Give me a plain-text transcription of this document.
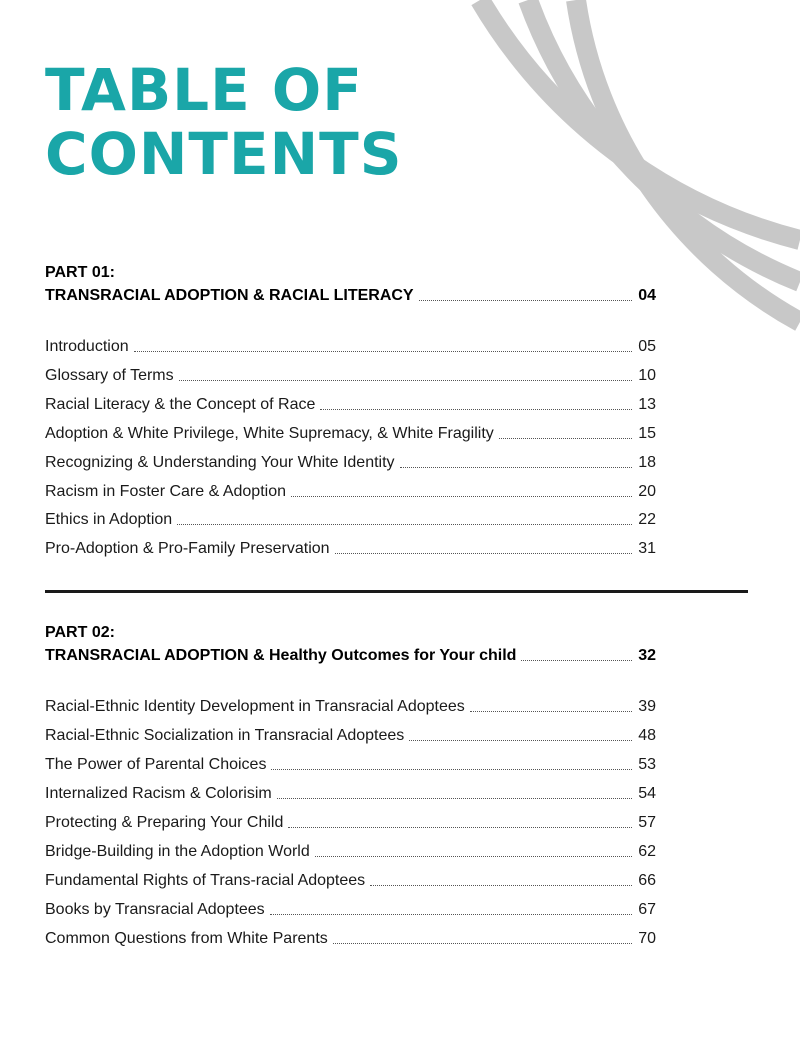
TABLE OF
CONTENTS
PART 01:
TRANSRACIAL ADOPTION & RACIAL LITERACY	04
Introduction	05
Glossary of Terms	10
Racial Literacy & the Concept of Race	13
Adoption & White Privilege, White Supremacy, & White Fragility	15
Recognizing & Understanding Your White Identity	18
Racism in Foster Care & Adoption	20
Ethics in Adoption	22
Pro-Adoption & Pro-Family Preservation	31
PART 02:
TRANSRACIAL ADOPTION & Healthy Outcomes for Your child	32
Racial-Ethnic Identity Development in Transracial Adoptees	39
Racial-Ethnic Socialization in Transracial Adoptees	48
The Power of Parental Choices	53
Internalized Racism & Colorisim	54
Protecting & Preparing Your Child	57
Bridge-Building in the Adoption World	62
Fundamental Rights of Trans-racial Adoptees	66
Books by Transracial Adoptees	67
Common Questions from White Parents	70
